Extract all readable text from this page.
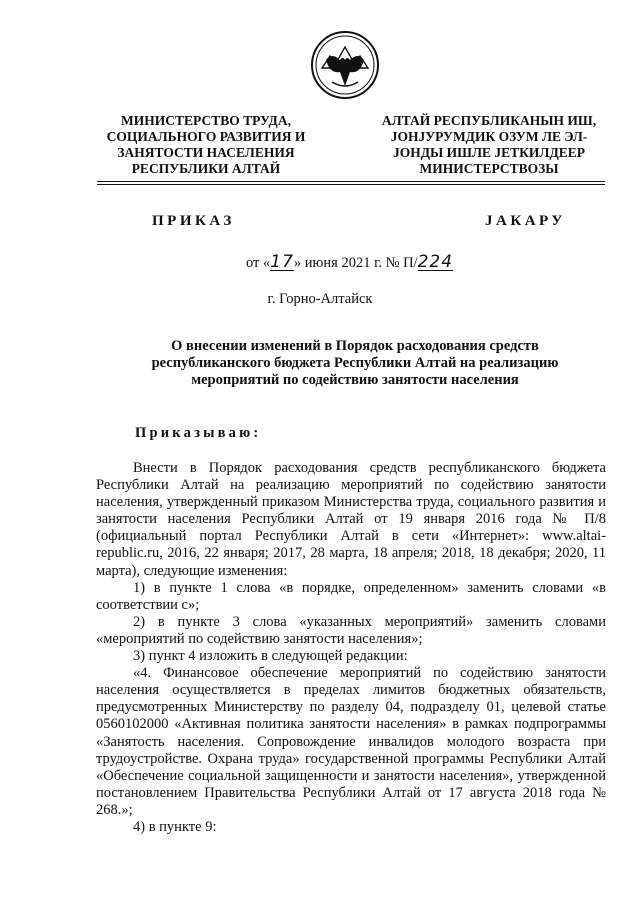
МИНИСТЕРСТВО ТРУДА,
СОЦИАЛЬНОГО РАЗВИТИЯ И
ЗАНЯТОСТИ НАСЕЛЕНИЯ
РЕСПУБЛИКИ АЛТАЙ
АЛТАЙ РЕСПУБЛИКАНЫН ИШ,
ЈОНЈУРУМДИК ОЗУМ ЛЕ ЭЛ-
ЈОНДЫ ИШЛЕ ЈЕТКИЛДЕЕР
МИНИСТЕРСТВОЗЫ
ПРИКАЗ	ЈАКАРУ
от «17» июня 2021 г. № П/224
г. Горно-Алтайск
О внесении изменений в Порядок расходования средств
республиканского бюджета Республики Алтай на реализацию
мероприятий по содействию занятости населения
Приказываю:

Внести в Порядок расходования средств республиканского бюджета Республики Алтай на реализацию мероприятий по содействию занятости населения, утвержденный приказом Министерства труда, социального развития и занятости населения Республики Алтай от 19 января 2016 года № П/8 (официальный портал Республики Алтай в сети «Интернет»: www.altai-republic.ru, 2016, 22 января; 2017, 28 марта, 18 апреля; 2018, 18 декабря; 2020, 11 марта), следующие изменения:

1) в пункте 1 слова «в порядке, определенном» заменить словами «в соответствии с»;

2) в пункте 3 слова «указанных мероприятий» заменить словами «мероприятий по содействию занятости населения»;

3) пункт 4 изложить в следующей редакции:

«4. Финансовое обеспечение мероприятий по содействию занятости населения осуществляется в пределах лимитов бюджетных обязательств, предусмотренных Министерству по разделу 04, подразделу 01, целевой статье 0560102000 «Активная политика занятости населения» в рамках подпрограммы «Занятость населения. Сопровождение инвалидов молодого возраста при трудоустройстве. Охрана труда» государственной программы Республики Алтай «Обеспечение социальной защищенности и занятости населения», утвержденной постановлением Правительства Республики Алтай от 17 августа 2018 года № 268.»;

4) в пункте 9:
